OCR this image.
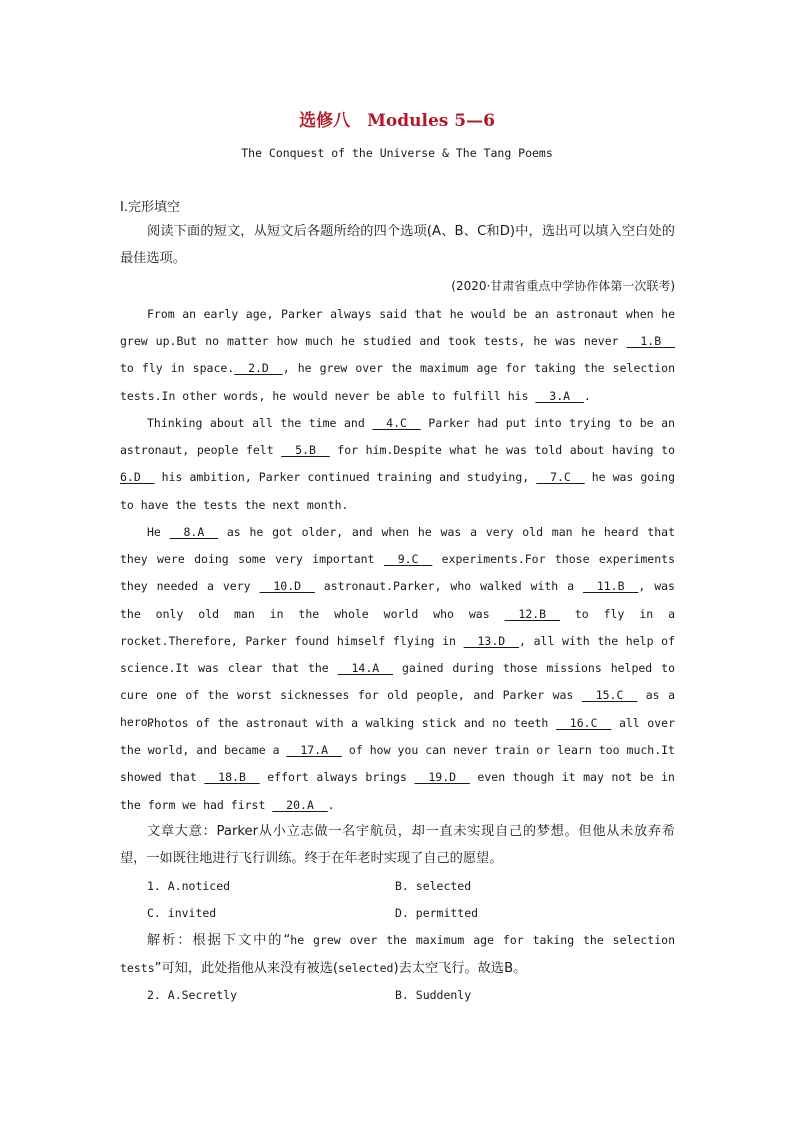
选修八　Modules 5—6
The Conquest of the Universe & The Tang Poems
Ⅰ.完形填空

阅读下面的短文，从短文后各题所给的四个选项(A、B、C和D)中，选出可以填入空白处的最佳选项。

(2020·甘肃省重点中学协作体第一次联考)

From an early age, Parker always said that he would be an astronaut when he grew up.But no matter how much he studied and took tests, he was never   1.B   to fly in space.  2.D  , he grew over the maximum age for taking the selection tests.In other words, he would never be able to fulfill his   3.A  .

Thinking about all the time and   4.C   Parker had put into trying to be an astronaut, people felt   5.B   for him.Despite what he was told about having to 6.D   his ambition, Parker continued training and studying,   7.C   he was going to have the tests the next month.

He   8.A   as he got older, and when he was a very old man he heard that they were doing some very important   9.C   experiments.For those experiments they needed a very   10.D   astronaut.Parker, who walked with a   11.B  , was the only old man in the whole world who was   12.B   to fly in a rocket.Therefore, Parker found himself flying in   13.D  , all with the help of science.It was clear that the   14.A   gained during those missions helped to cure one of the worst sicknesses for old people, and Parker was   15.C   as a hero.

Photos of the astronaut with a walking stick and no teeth   16.C   all over the world, and became a   17.A   of how you can never train or learn too much.It showed that   18.B   effort always brings   19.D   even though it may not be in the form we had first   20.A  .

文章大意：Parker从小立志做一名宇航员，却一直未实现自己的梦想。但他从未放弃希望，一如既往地进行飞行训练。终于在年老时实现了自己的愿望。

1. A.noticed	B. selected
C. invited	D. permitted

解析：根据下文中的“he grew over the maximum age for taking the selection tests”可知，此处指他从来没有被选(selected)去太空飞行。故选B。

2. A.Secretly	B. Suddenly
